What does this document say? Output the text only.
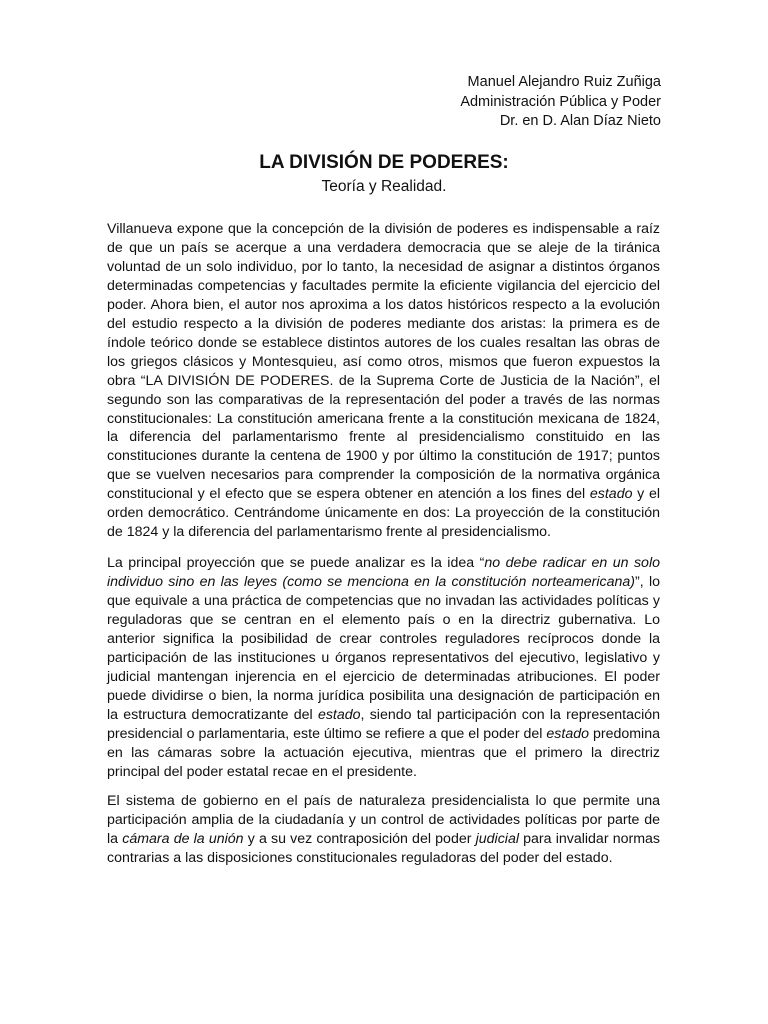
Manuel Alejandro Ruiz Zuñiga
Administración Pública y Poder
Dr. en D. Alan Díaz Nieto
LA DIVISIÓN DE PODERES:
Teoría y Realidad.

Villanueva expone que la concepción de la división de poderes es indispensable a raíz de que un país se acerque a una verdadera democracia que se aleje de la tiránica voluntad de un solo individuo, por lo tanto, la necesidad de asignar a distintos órganos determinadas competencias y facultades permite la eficiente vigilancia del ejercicio del poder. Ahora bien, el autor nos aproxima a los datos históricos respecto a la evolución del estudio respecto a la división de poderes mediante dos aristas: la primera es de índole teórico donde se establece distintos autores de los cuales resaltan las obras de los griegos clásicos y Montesquieu, así como otros, mismos que fueron expuestos la obra “LA DIVISIÓN DE PODERES. de la Suprema Corte de Justicia de la Nación”, el segundo son las comparativas de la representación del poder a través de las normas constitucionales: La constitución americana frente a la constitución mexicana de 1824, la diferencia del parlamentarismo frente al presidencialismo constituido en las constituciones durante la centena de 1900 y por último la constitución de 1917; puntos que se vuelven necesarios para comprender la composición de la normativa orgánica constitucional y el efecto que se espera obtener en atención a los fines del estado y el orden democrático. Centrándome únicamente en dos: La proyección de la constitución de 1824 y la diferencia del parlamentarismo frente al presidencialismo.

La principal proyección que se puede analizar es la idea “no debe radicar en un solo individuo sino en las leyes (como se menciona en la constitución norteamericana)”, lo que equivale a una práctica de competencias que no invadan las actividades políticas y reguladoras que se centran en el elemento país o en la directriz gubernativa. Lo anterior significa la posibilidad de crear controles reguladores recíprocos donde la participación de las instituciones u órganos representativos del ejecutivo, legislativo y judicial mantengan injerencia en el ejercicio de determinadas atribuciones. El poder puede dividirse o bien, la norma jurídica posibilita una designación de participación en la estructura democratizante del estado, siendo tal participación con la representación presidencial o parlamentaria, este último se refiere a que el poder del estado predomina en las cámaras sobre la actuación ejecutiva, mientras que el primero la directriz principal del poder estatal recae en el presidente.

El sistema de gobierno en el país de naturaleza presidencialista lo que permite una participación amplia de la ciudadanía y un control de actividades políticas por parte de la cámara de la unión y a su vez contraposición del poder judicial para invalidar normas contrarias a las disposiciones constitucionales reguladoras del poder del estado.
